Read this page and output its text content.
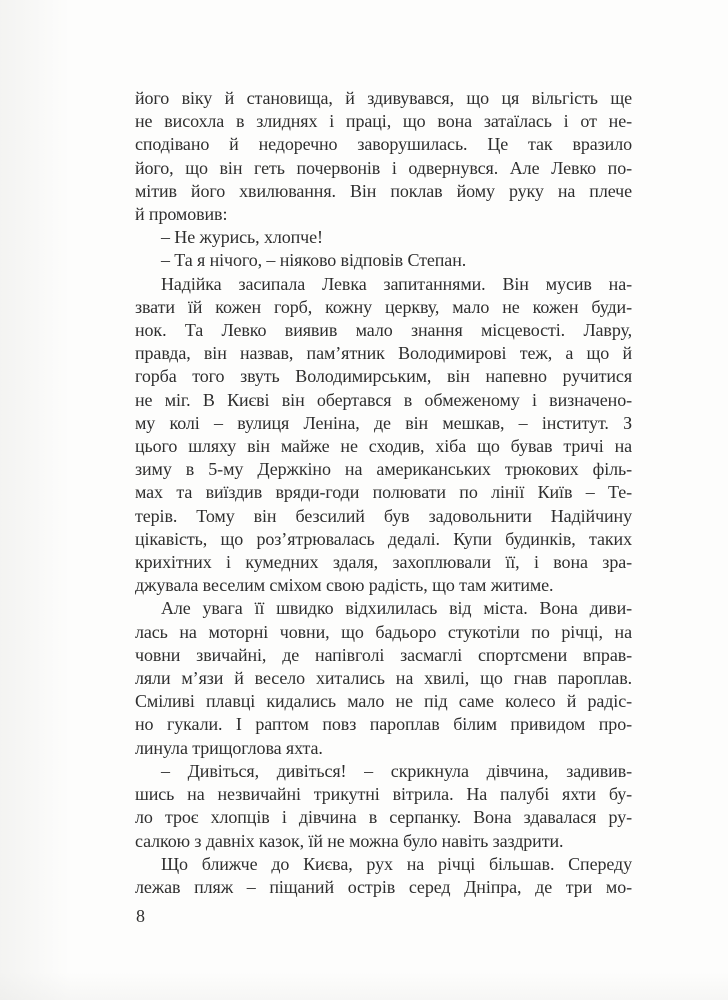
його віку й становища, й здивувався, що ця вільгість ще
не висохла в злиднях і праці, що вона затаїлась і от не-
сподівано й недоречно заворушилась. Це так вразило
його, що він геть почервонів і одвернувся. Але Левко по-
мітив його хвилювання. Він поклав йому руку на плече
й промовив:
– Не журись, хлопче!
– Та я нічого, – ніяково відповів Степан.
Надійка засипала Левка запитаннями. Він мусив на-
звати їй кожен горб, кожну церкву, мало не кожен буди-
нок. Та Левко виявив мало знання місцевості. Лавру,
правда, він назвав, пам’ятник Володимирові теж, а що й
горба того звуть Володимирським, він напевно ручитися
не міг. В Києві він обертався в обмеженому і визначено-
му колі – вулиця Леніна, де він мешкав, – інститут. З
цього шляху він майже не сходив, хіба що бував тричі на
зиму в 5-му Держкіно на американських трюкових філь-
мах та виїздив вряди-годи полювати по лінії Київ – Те-
терів. Тому він безсилий був задовольнити Надійчину
цікавість, що роз’ятрювалась дедалі. Купи будинків, таких
крихітних і кумедних здаля, захоплювали її, і вона зра-
джувала веселим сміхом свою радість, що там житиме.
Але увага її швидко відхилилась від міста. Вона диви-
лась на моторні човни, що бадьоро стукотіли по річці, на
човни звичайні, де напівголі засмаглі спортсмени вправ-
ляли м’язи й весело хитались на хвилі, що гнав пароплав.
Сміливі плавці кидались мало не під саме колесо й радіс-
но гукали. І раптом повз пароплав білим привидом про-
линула трищоглова яхта.
– Дивіться, дивіться! – скрикнула дівчина, задивив-
шись на незвичайні трикутні вітрила. На палубі яхти бу-
ло троє хлопців і дівчина в серпанку. Вона здавалася ру-
салкою з давніх казок, їй не можна було навіть заздрити.
Що ближче до Києва, рух на річці більшав. Спереду
лежав пляж – піщаний острів серед Дніпра, де три мо-
8
